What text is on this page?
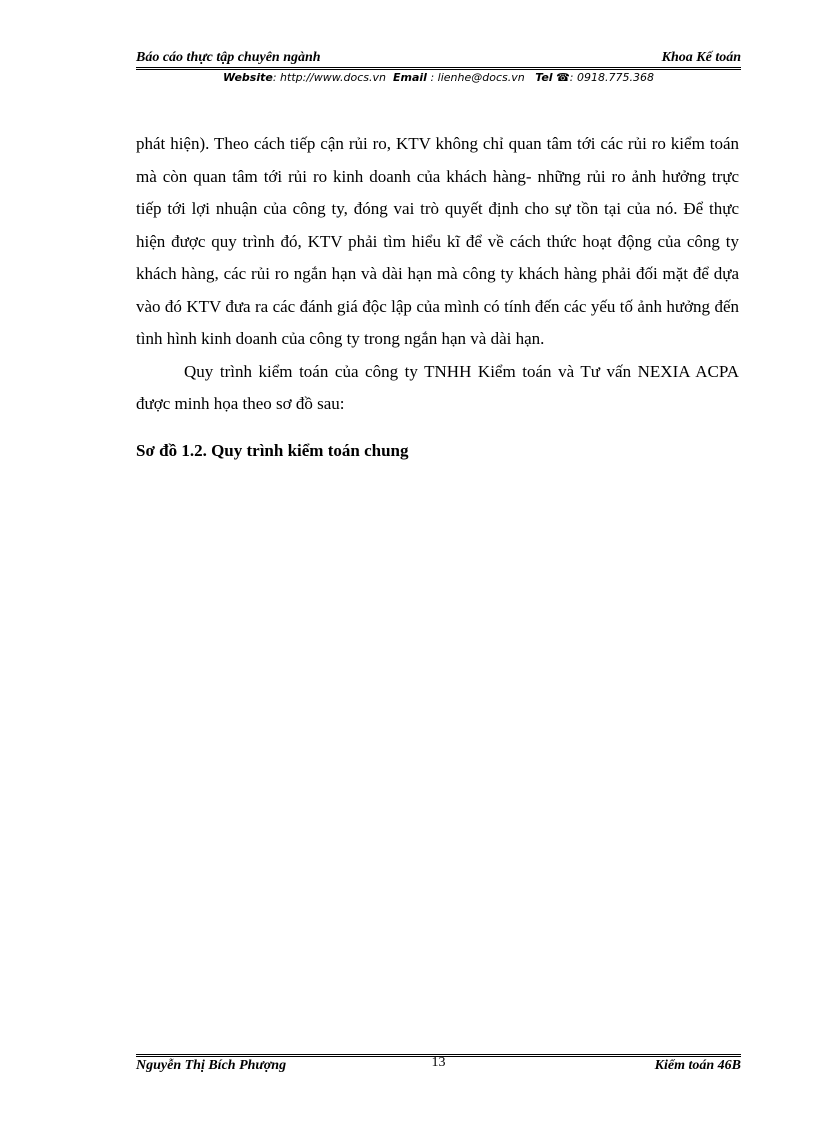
Báo cáo thực tập chuyên ngành	Khoa Kế toán
Website: http://www.docs.vn Email : lienhe@docs.vn Tel ☎: 0918.775.368

phát hiện). Theo cách tiếp cận rủi ro, KTV không chỉ quan tâm tới các rủi ro kiểm toán mà còn quan tâm tới rủi ro kinh doanh của khách hàng- những rủi ro ảnh hưởng trực tiếp tới lợi nhuận của công ty, đóng vai trò quyết định cho sự tồn tại của nó. Để thực hiện được quy trình đó, KTV phải tìm hiểu kĩ để về cách thức hoạt động của công ty khách hàng, các rủi ro ngắn hạn và dài hạn mà công ty khách hàng phải đối mặt để dựa vào đó KTV đưa ra các đánh giá độc lập của mình có tính đến các yếu tố ảnh hưởng đến tình hình kinh doanh của công ty trong ngắn hạn và dài hạn.

Quy trình kiểm toán của công ty TNHH Kiểm toán và Tư vấn NEXIA ACPA được minh họa theo sơ đồ sau:

Sơ đồ 1.2. Quy trình kiểm toán chung
Nguyễn Thị Bích Phượng	13	Kiểm toán 46B
